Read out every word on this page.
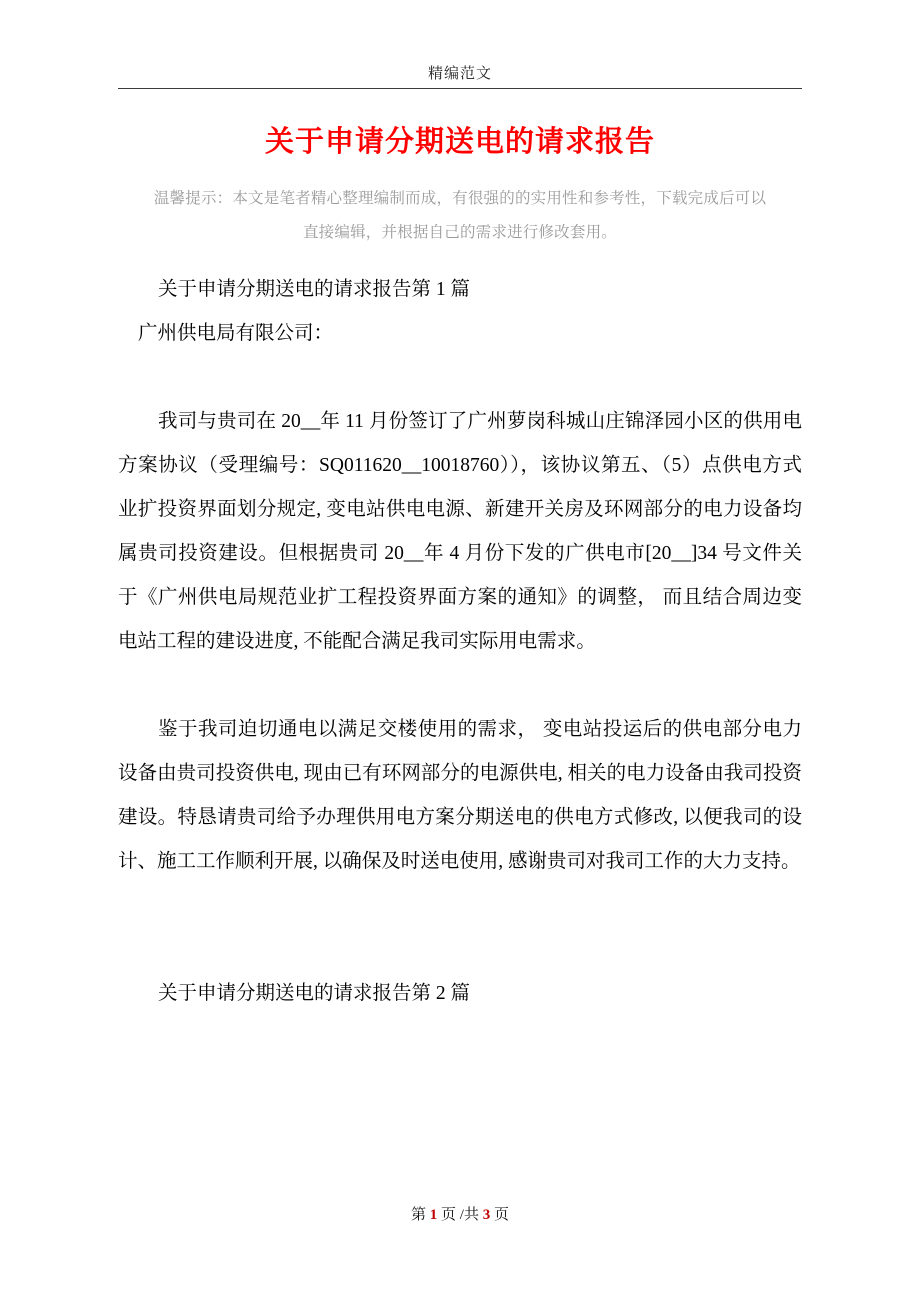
精编范文
关于申请分期送电的请求报告
温馨提示：本文是笔者精心整理编制而成，有很强的的实用性和参考性，下载完成后可以
直接编辑，并根据自己的需求进行修改套用。

关于申请分期送电的请求报告第 1 篇

广州供电局有限公司：

我司与贵司在 20__年 11 月份签订了广州萝岗科城山庄锦泽园小区的供用电方案协议（受理编号：SQ011620__10018760）），该协议第五、（5）点供电方式业扩投资界面划分规定, 变电站供电电源、新建开关房及环网部分的电力设备均属贵司投资建设。但根据贵司 20__年 4 月份下发的广供电市[20__]34 号文件关于《广州供电局规范业扩工程投资界面方案的通知》的调整， 而且结合周边变电站工程的建设进度, 不能配合满足我司实际用电需求。

鉴于我司迫切通电以满足交楼使用的需求， 变电站投运后的供电部分电力设备由贵司投资供电, 现由已有环网部分的电源供电, 相关的电力设备由我司投资建设。特恳请贵司给予办理供用电方案分期送电的供电方式修改, 以便我司的设计、施工工作顺利开展, 以确保及时送电使用, 感谢贵司对我司工作的大力支持。

关于申请分期送电的请求报告第 2 篇

第 1 页 /共 3 页
